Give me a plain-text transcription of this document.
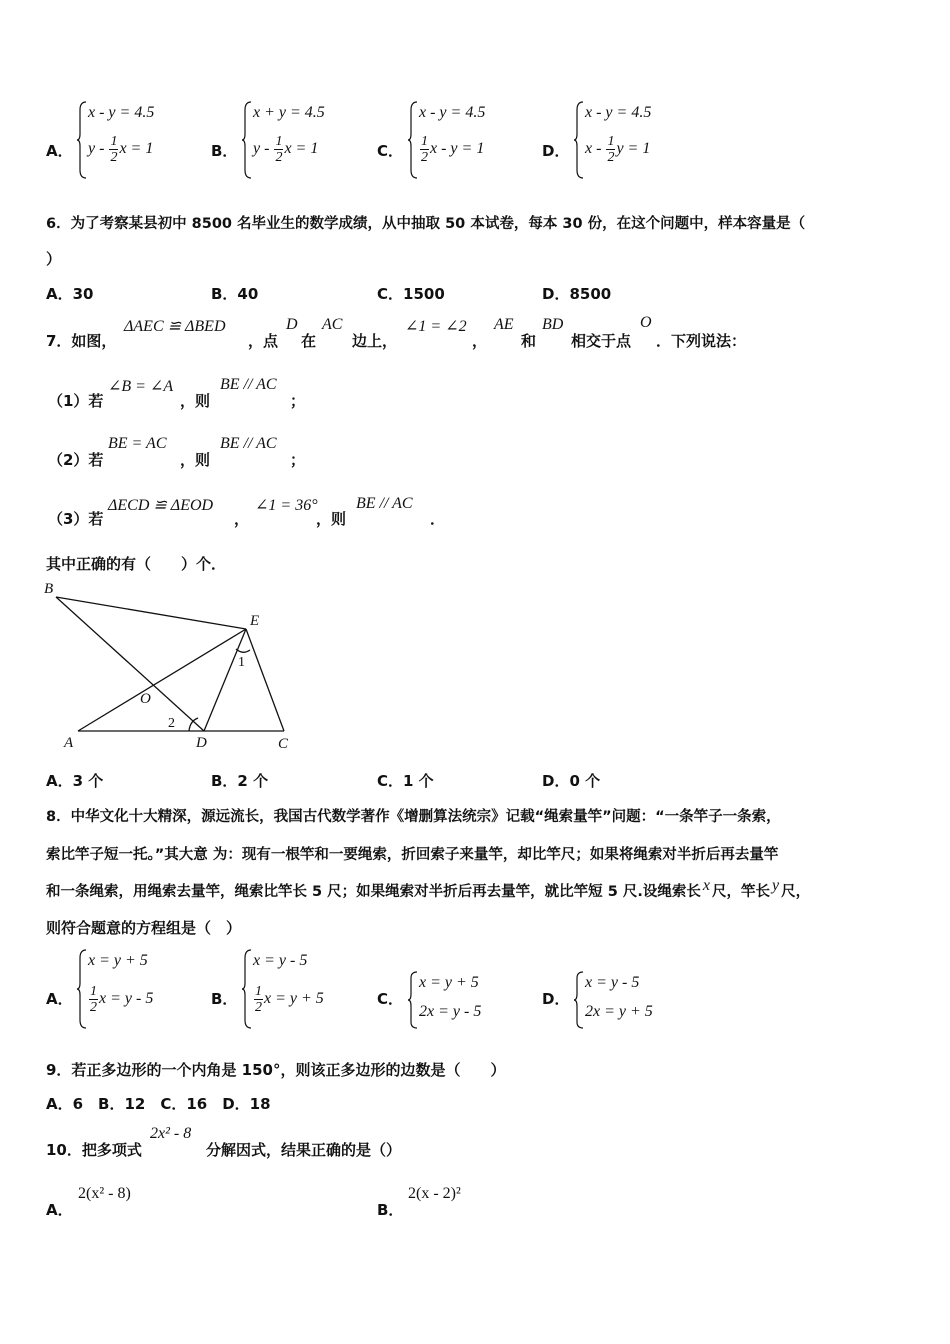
A．
x - y = 4.5
y - $\frac{1}{2}$ x = 1	B．
x + y = 4.5
y - $\frac{1}{2}$ x = 1	C．
x - y = 4.5
$\frac{1}{2}$ x - y = 1	D．
x - y = 4.5
x - $\frac{1}{2}$ y = 1
6．为了考察某县初中 8500 名毕业生的数学成绩，从中抽取 50 本试卷，每本 30 份，在这个问题中，样本容量是（
）
A．30	B．40	C．1500	D．8500
7．如图，
ΔAEC ≌ ΔBED
，点
D
在
AC
边上，
∠1 = ∠2
，
AE
和
BD
相交于点
O
．下列说法：
（1）若
∠B = ∠A
，则
BE // AC
；
（2）若
BE = AC
，则
BE // AC
；
（3）若
ΔECD ≌ ΔEOD
，
∠1 = 36°
，则
BE // AC
．
其中正确的有（　　）个．
B
E
O
A	D	C
1
2
A．3 个	B．2 个	C．1 个	D．0 个
8．中华文化十大精深，源远流长，我国古代数学著作《增删算法统宗》记载“绳索量竿”问题：“一条竿子一条索，
索比竿子短一托。”其大意 为：现有一根竿和一要绳索，折回索子来量竿，却比竿尺；如果将绳索对半折后再去量竿
和一条绳索，用绳索去量竿，绳索比竿长 5 尺；如果绳索对半折后再去量竿，就比竿短 5 尺.设绳索长 x 尺，竿长 y 尺，
则符合题意的方程组是（　）
A．
x = y + 5
$\frac{1}{2}$ x = y - 5	B．
x = y - 5
$\frac{1}{2}$ x = y + 5	C．
x = y + 5
2x = y - 5
D．
x = y - 5
2x = y + 5
9．若正多边形的一个内角是 150°，则该正多边形的边数是（　　）
A．6　B．12　C．16　D．18
10．把多项式
2x² - 8
分解因式，结果正确的是（）
A．
2(x² - 8)
B．
2(x - 2)²
